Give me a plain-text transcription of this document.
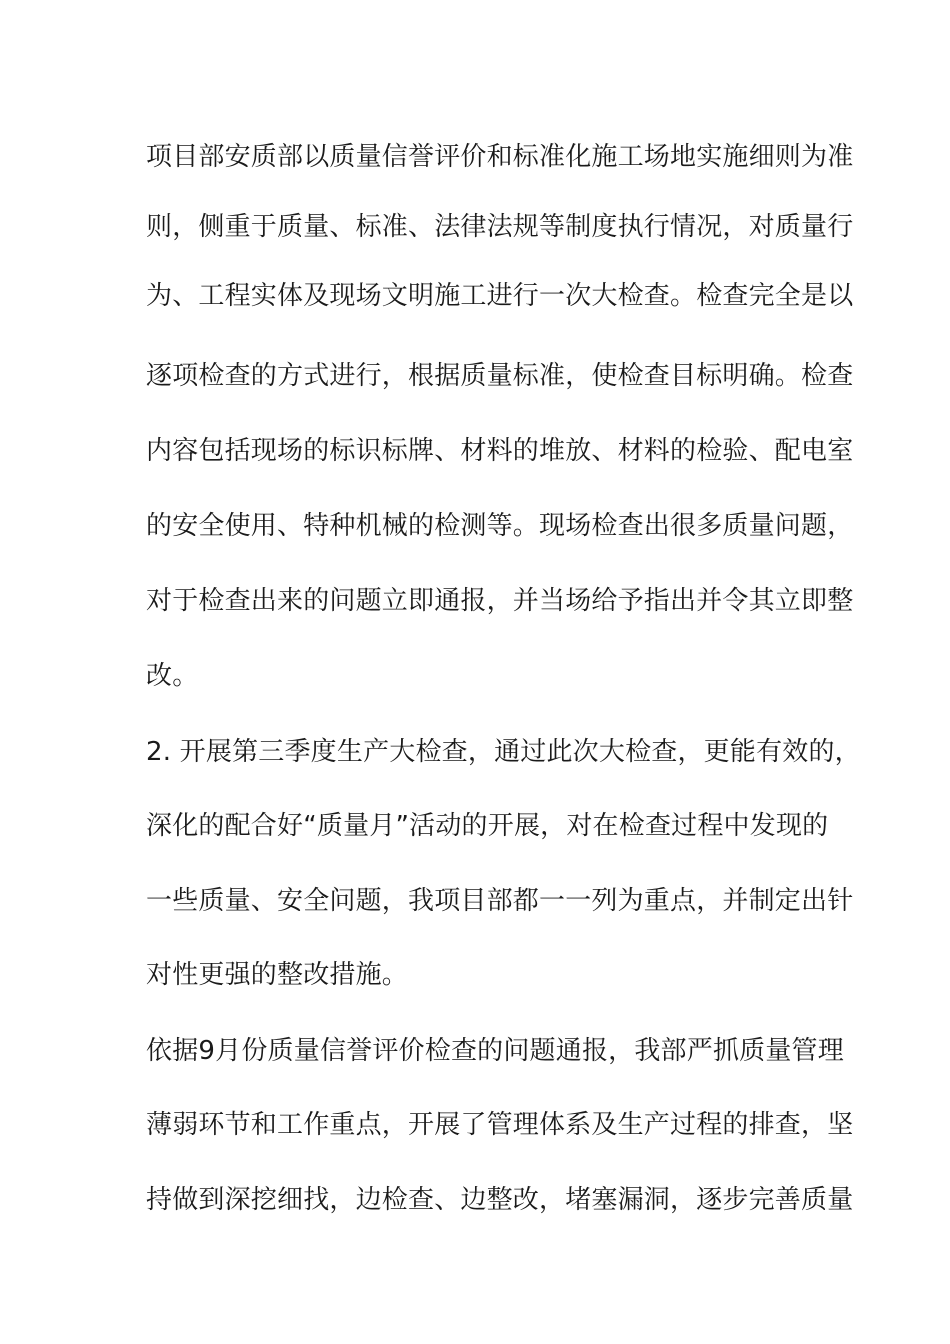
项目部安质部以质量信誉评价和标准化施工场地实施细则为准

则，侧重于质量、标准、法律法规等制度执行情况，对质量行

为、工程实体及现场文明施工进行一次大检查。检查完全是以

逐项检查的方式进行，根据质量标准，使检查目标明确。检查

内容包括现场的标识标牌、材料的堆放、材料的检验、配电室

的安全使用、特种机械的检测等。现场检查出很多质量问题，

对于检查出来的问题立即通报，并当场给予指出并令其立即整

改。

2. 开展第三季度生产大检查，通过此次大检查，更能有效的，

深化的配合好“质量月”活动的开展，对在检查过程中发现的

一些质量、安全问题，我项目部都一一列为重点，并制定出针

对性更强的整改措施。

依据9月份质量信誉评价检查的问题通报，我部严抓质量管理

薄弱环节和工作重点，开展了管理体系及生产过程的排查，坚

持做到深挖细找，边检查、边整改，堵塞漏洞，逐步完善质量
